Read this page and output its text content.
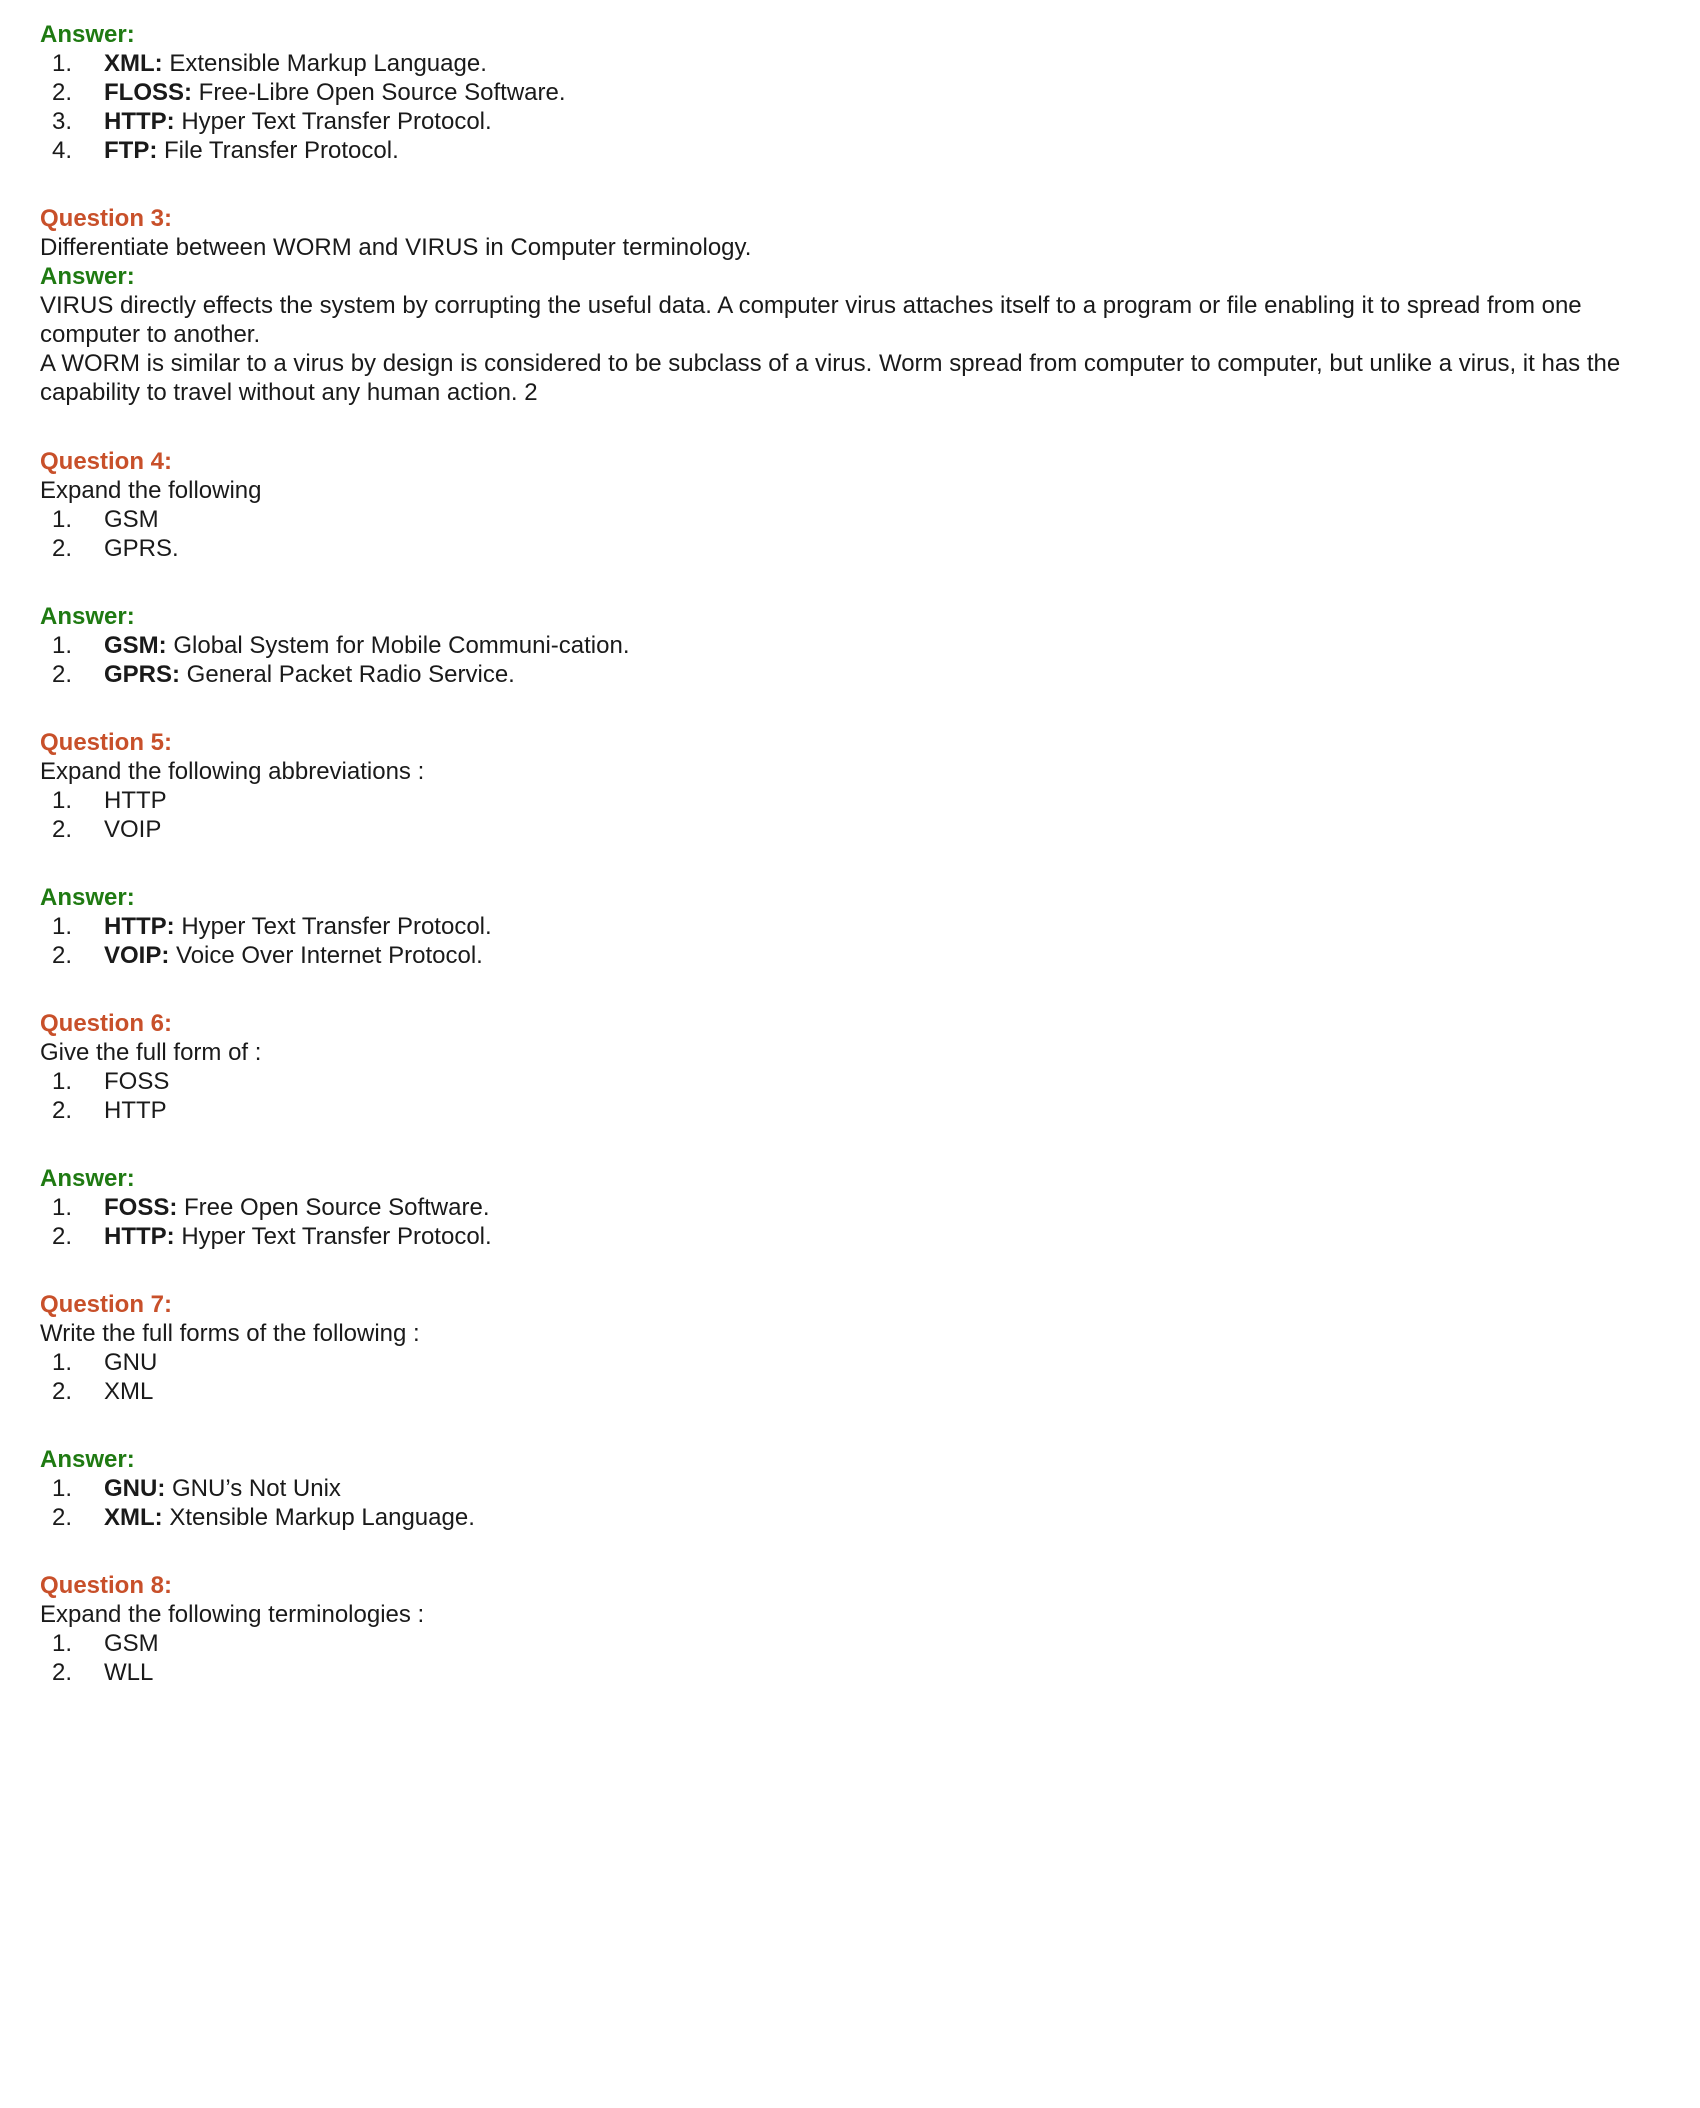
Answer:

1. XML: Extensible Markup Language.
2. FLOSS: Free-Libre Open Source Software.
3. HTTP: Hyper Text Transfer Protocol.
4. FTP: File Transfer Protocol.

Question 3:

Differentiate between WORM and VIRUS in Computer terminology.

Answer:

VIRUS directly effects the system by corrupting the useful data. A computer virus attaches itself to a program or file enabling it to spread from one computer to another.

A WORM is similar to a virus by design is considered to be subclass of a virus. Worm spread from computer to computer, but unlike a virus, it has the capability to travel without any human action. 2

Question 4:

Expand the following

1. GSM
2. GPRS.

Answer:

1. GSM: Global System for Mobile Communi-cation.
2. GPRS: General Packet Radio Service.

Question 5:

Expand the following abbreviations :

1. HTTP
2. VOIP

Answer:

1. HTTP: Hyper Text Transfer Protocol.
2. VOIP: Voice Over Internet Protocol.

Question 6:

Give the full form of :

1. FOSS
2. HTTP

Answer:

1. FOSS: Free Open Source Software.
2. HTTP: Hyper Text Transfer Protocol.

Question 7:

Write the full forms of the following :

1. GNU
2. XML

Answer:

1. GNU: GNU’s Not Unix
2. XML: Xtensible Markup Language.

Question 8:

Expand the following terminologies :

1. GSM
2. WLL
